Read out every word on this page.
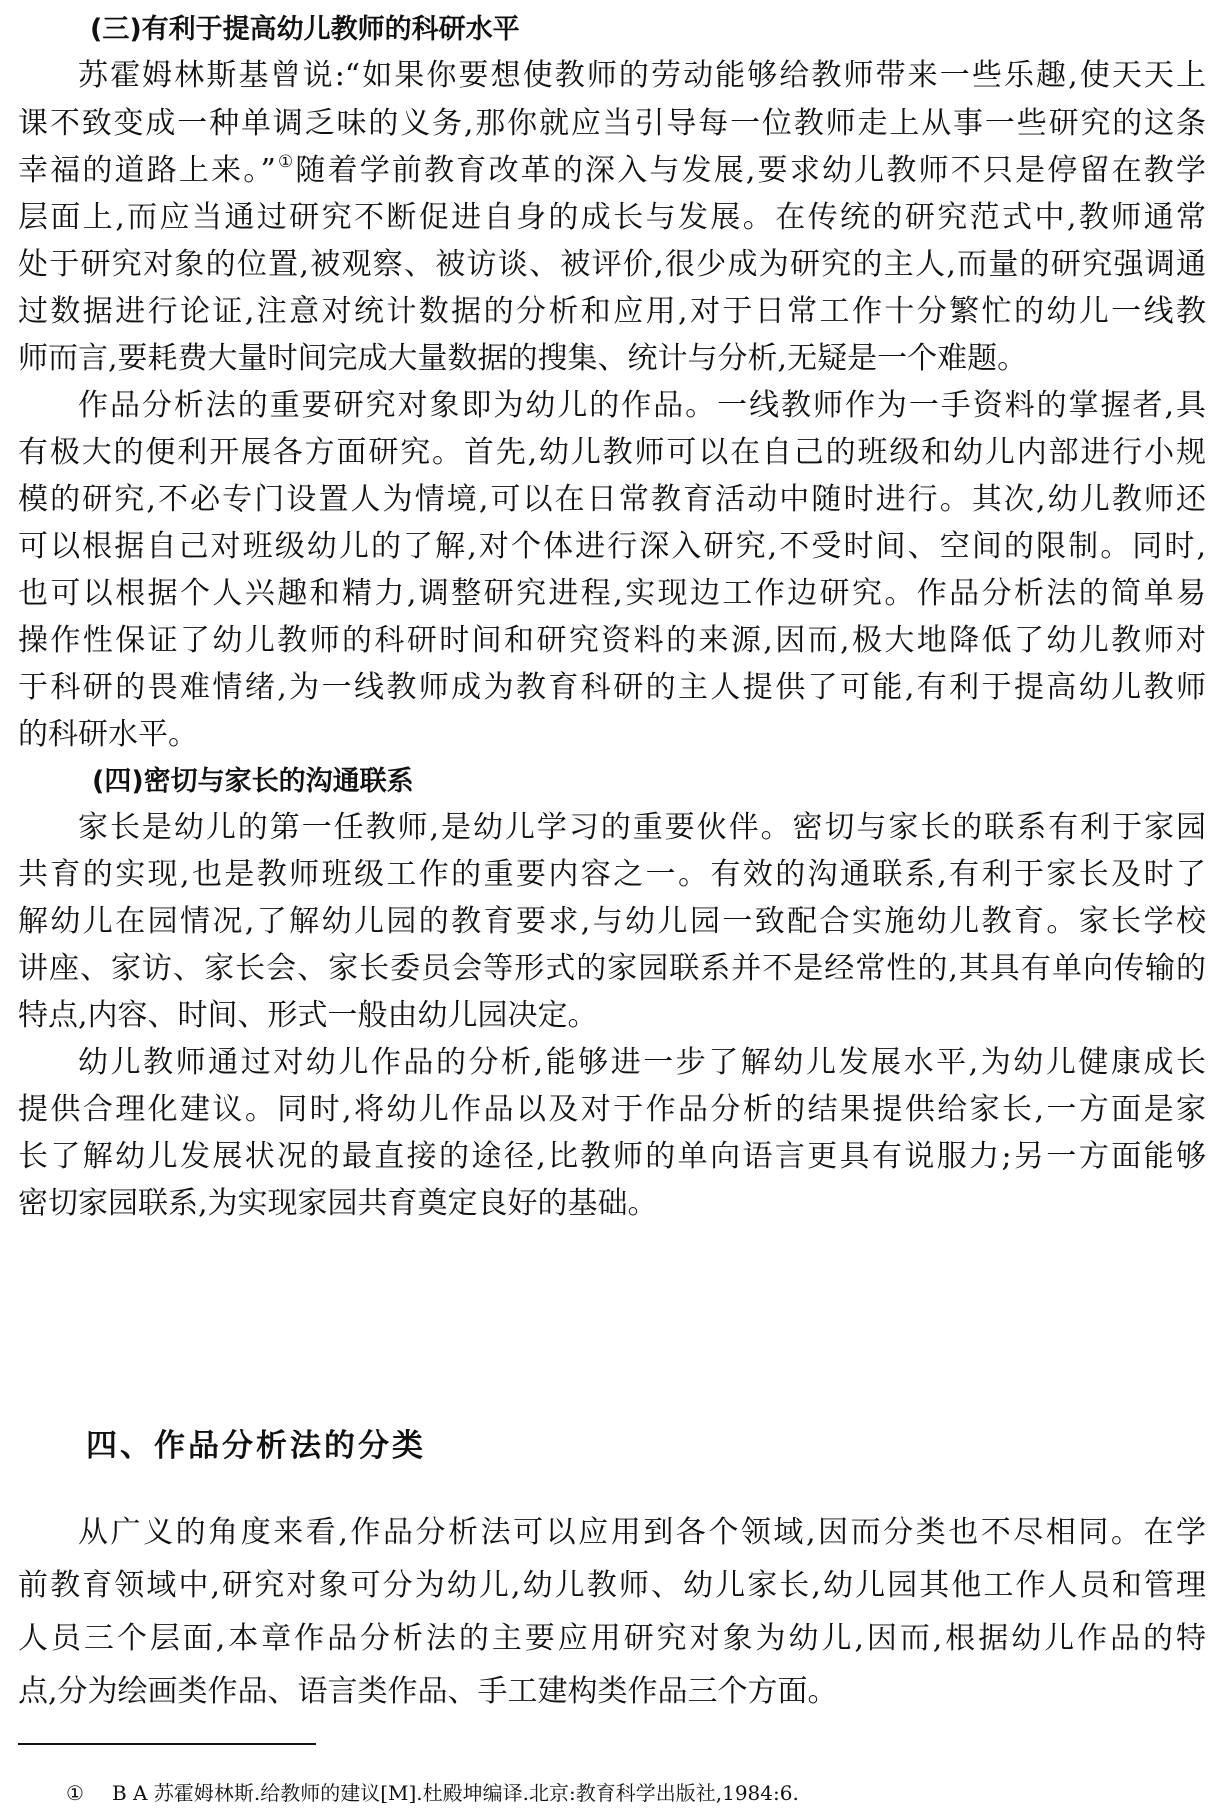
(三)有利于提高幼儿教师的科研水平
苏霍姆林斯基曾说:“如果你要想使教师的劳动能够给教师带来一些乐趣,使天天上
课不致变成一种单调乏味的义务,那你就应当引导每一位教师走上从事一些研究的这条
幸福的道路上来。”①随着学前教育改革的深入与发展,要求幼儿教师不只是停留在教学
层面上,而应当通过研究不断促进自身的成长与发展。在传统的研究范式中,教师通常
处于研究对象的位置,被观察、被访谈、被评价,很少成为研究的主人,而量的研究强调通
过数据进行论证,注意对统计数据的分析和应用,对于日常工作十分繁忙的幼儿一线教
师而言,要耗费大量时间完成大量数据的搜集、统计与分析,无疑是一个难题。
作品分析法的重要研究对象即为幼儿的作品。一线教师作为一手资料的掌握者,具
有极大的便利开展各方面研究。首先,幼儿教师可以在自己的班级和幼儿内部进行小规
模的研究,不必专门设置人为情境,可以在日常教育活动中随时进行。其次,幼儿教师还
可以根据自己对班级幼儿的了解,对个体进行深入研究,不受时间、空间的限制。同时,
也可以根据个人兴趣和精力,调整研究进程,实现边工作边研究。作品分析法的简单易
操作性保证了幼儿教师的科研时间和研究资料的来源,因而,极大地降低了幼儿教师对
于科研的畏难情绪,为一线教师成为教育科研的主人提供了可能,有利于提高幼儿教师
的科研水平。
(四)密切与家长的沟通联系
家长是幼儿的第一任教师,是幼儿学习的重要伙伴。密切与家长的联系有利于家园
共育的实现,也是教师班级工作的重要内容之一。有效的沟通联系,有利于家长及时了
解幼儿在园情况,了解幼儿园的教育要求,与幼儿园一致配合实施幼儿教育。家长学校
讲座、家访、家长会、家长委员会等形式的家园联系并不是经常性的,其具有单向传输的
特点,内容、时间、形式一般由幼儿园决定。
幼儿教师通过对幼儿作品的分析,能够进一步了解幼儿发展水平,为幼儿健康成长
提供合理化建议。同时,将幼儿作品以及对于作品分析的结果提供给家长,一方面是家
长了解幼儿发展状况的最直接的途径,比教师的单向语言更具有说服力;另一方面能够
密切家园联系,为实现家园共育奠定良好的基础。
四、作品分析法的分类
从广义的角度来看,作品分析法可以应用到各个领域,因而分类也不尽相同。在学
前教育领域中,研究对象可分为幼儿,幼儿教师、幼儿家长,幼儿园其他工作人员和管理
人员三个层面,本章作品分析法的主要应用研究对象为幼儿,因而,根据幼儿作品的特
点,分为绘画类作品、语言类作品、手工建构类作品三个方面。
① B A 苏霍姆林斯.给教师的建议[M].杜殿坤编译.北京:教育科学出版社,1984:6.
